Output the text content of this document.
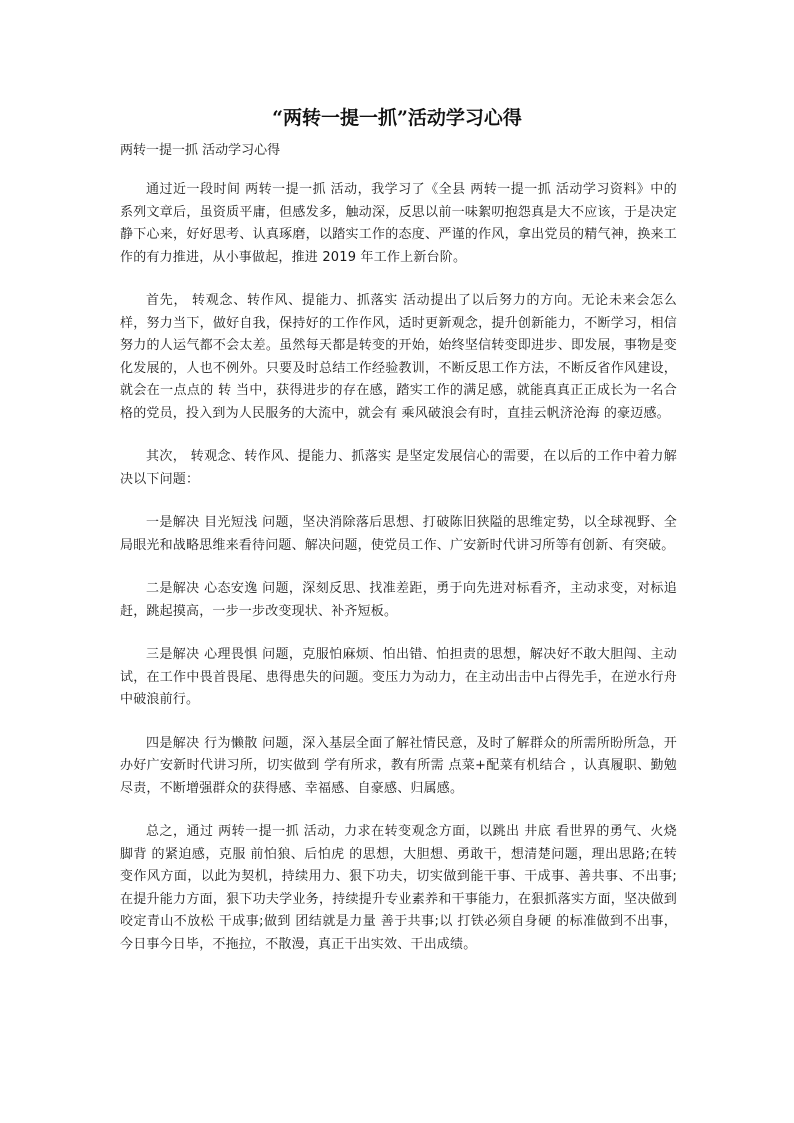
“两转一提一抓”活动学习心得

两转一提一抓 活动学习心得

通过近一段时间 两转一提一抓 活动，我学习了《全县 两转一提一抓 活动学习资料》中的系列文章后，虽资质平庸，但感发多，触动深，反思以前一味絮叨抱怨真是大不应该，于是决定静下心来，好好思考、认真琢磨，以踏实工作的态度、严谨的作风，拿出党员的精气神，换来工作的有力推进，从小事做起，推进 2019 年工作上新台阶。

首先， 转观念、转作风、提能力、抓落实 活动提出了以后努力的方向。无论未来会怎么样，努力当下，做好自我，保持好的工作作风，适时更新观念，提升创新能力，不断学习，相信努力的人运气都不会太差。虽然每天都是转变的开始，始终坚信转变即进步、即发展，事物是变化发展的，人也不例外。只要及时总结工作经验教训，不断反思工作方法，不断反省作风建设，就会在一点点的 转 当中，获得进步的存在感，踏实工作的满足感，就能真真正正成长为一名合格的党员，投入到为人民服务的大流中，就会有 乘风破浪会有时，直挂云帆济沧海 的豪迈感。

其次， 转观念、转作风、提能力、抓落实 是坚定发展信心的需要，在以后的工作中着力解决以下问题：

一是解决 目光短浅 问题，坚决消除落后思想、打破陈旧狭隘的思维定势，以全球视野、全局眼光和战略思维来看待问题、解决问题，使党员工作、广安新时代讲习所等有创新、有突破。

二是解决 心态安逸 问题，深刻反思、找准差距，勇于向先进对标看齐，主动求变，对标追赶，跳起摸高，一步一步改变现状、补齐短板。

三是解决 心理畏惧 问题，克服怕麻烦、怕出错、怕担责的思想，解决好不敢大胆闯、主动试，在工作中畏首畏尾、患得患失的问题。变压力为动力，在主动出击中占得先手，在逆水行舟中破浪前行。

四是解决 行为懒散 问题，深入基层全面了解社情民意，及时了解群众的所需所盼所急，开办好广安新时代讲习所，切实做到 学有所求，教有所需 点菜+配菜有机结合 ，认真履职、勤勉尽责，不断增强群众的获得感、幸福感、自豪感、归属感。

总之，通过 两转一提一抓 活动，力求在转变观念方面，以跳出 井底 看世界的勇气、火烧脚背 的紧迫感，克服 前怕狼、后怕虎 的思想，大胆想、勇敢干，想清楚问题，理出思路;在转变作风方面，以此为契机，持续用力、狠下功夫，切实做到能干事、干成事、善共事、不出事;在提升能力方面，狠下功夫学业务，持续提升专业素养和干事能力，在狠抓落实方面，坚决做到 咬定青山不放松 干成事;做到 团结就是力量 善于共事;以 打铁必须自身硬 的标准做到不出事，今日事今日毕，不拖拉，不散漫，真正干出实效、干出成绩。
